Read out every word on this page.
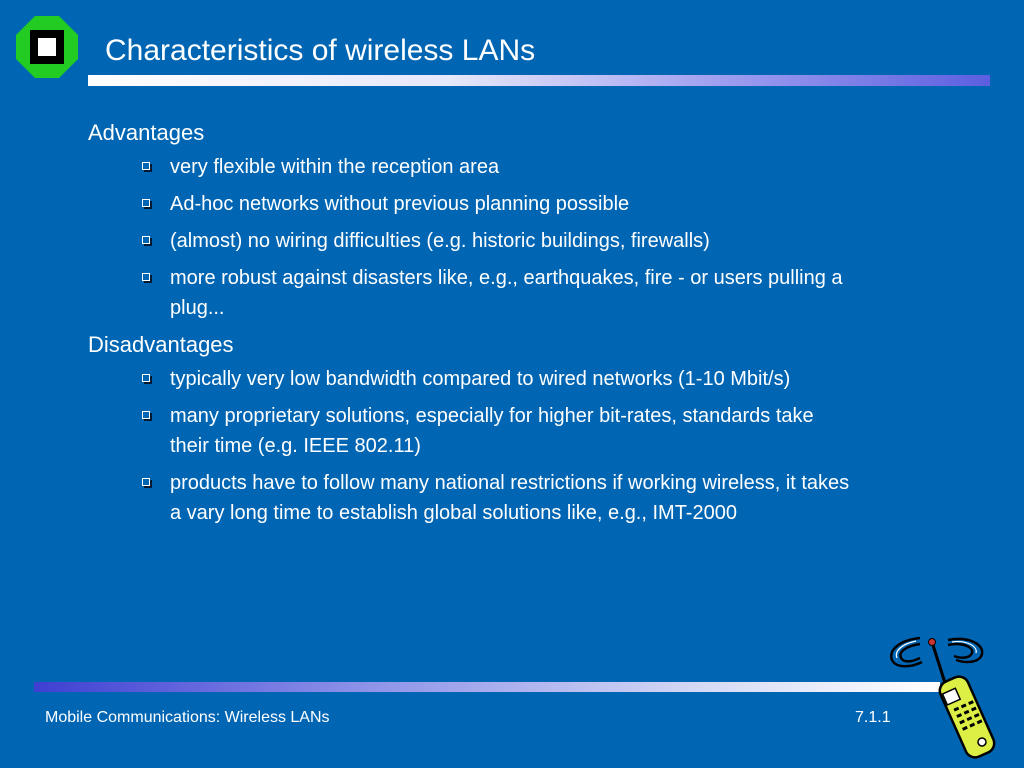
Characteristics of wireless LANs

Advantages

very flexible within the reception area
Ad-hoc networks without previous planning possible
(almost) no wiring difficulties (e.g. historic buildings, firewalls)
more robust against disasters like, e.g., earthquakes, fire - or users pulling a plug...

Disadvantages

typically very low bandwidth compared to wired networks (1-10 Mbit/s)
many proprietary solutions, especially for higher bit-rates, standards take their time (e.g. IEEE 802.11)
products have to follow many national restrictions if working wireless, it takes a vary long time to establish global solutions like, e.g., IMT-2000
Mobile Communications: Wireless LANs	7.1.1
